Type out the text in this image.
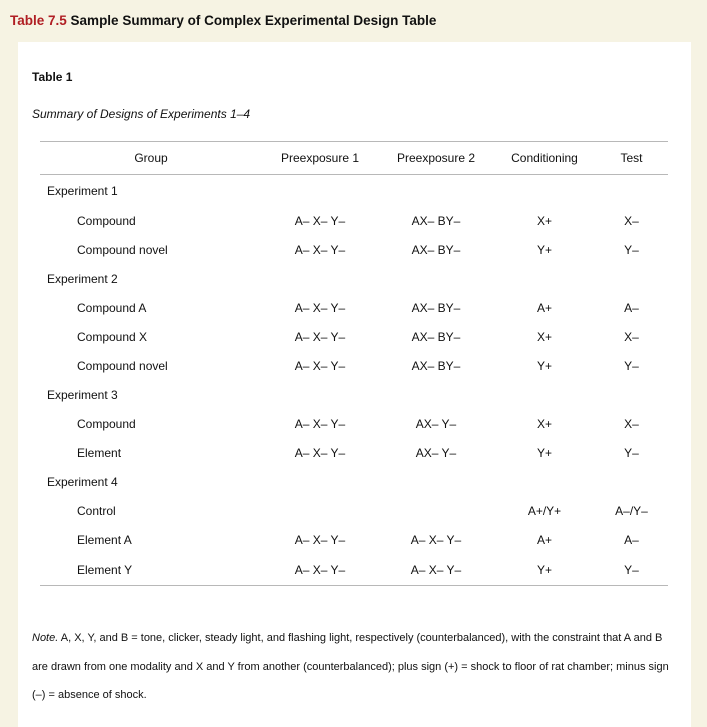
Table 7.5 Sample Summary of Complex Experimental Design Table
Table 1
Summary of Designs of Experiments 1–4
Group	Preexposure 1	Preexposure 2	Conditioning	Test
Experiment 1				
Compound	A– X– Y–	AX– BY–	X+	X–
Compound novel	A– X– Y–	AX– BY–	Y+	Y–
Experiment 2				
Compound A	A– X– Y–	AX– BY–	A+	A–
Compound X	A– X– Y–	AX– BY–	X+	X–
Compound novel	A– X– Y–	AX– BY–	Y+	Y–
Experiment 3				
Compound	A– X– Y–	AX– Y–	X+	X–
Element	A– X– Y–	AX– Y–	Y+	Y–
Experiment 4				
Control			A+/Y+	A–/Y–
Element A	A– X– Y–	A– X– Y–	A+	A–
Element Y	A– X– Y–	A– X– Y–	Y+	Y–
Note. A, X, Y, and B = tone, clicker, steady light, and flashing light, respectively (counterbalanced), with the constraint that A and B are drawn from one modality and X and Y from another (counterbalanced); plus sign (+) = shock to floor of rat chamber; minus sign (–) = absence of shock.
